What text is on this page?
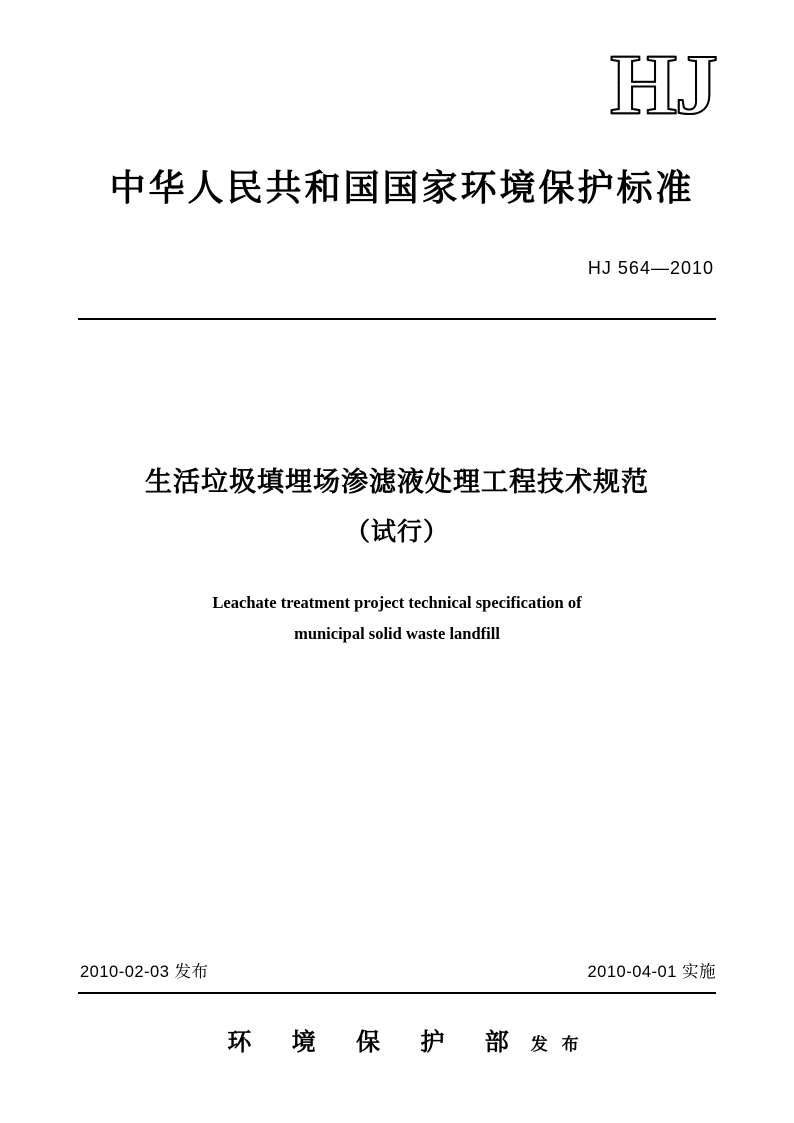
HJ
中华人民共和国国家环境保护标准
HJ 564—2010
生活垃圾填埋场渗滤液处理工程技术规范
（试行）
Leachate treatment project technical specification of
municipal solid waste landfill
2010-02-03 发布	2010-04-01 实施
环 境 保 护 部 发 布
